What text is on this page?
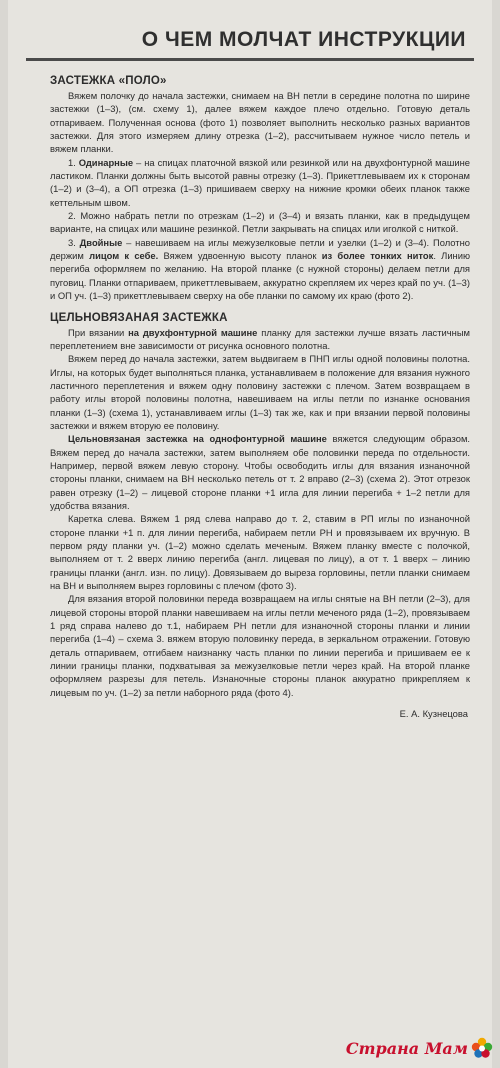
О ЧЕМ МОЛЧАТ ИНСТРУКЦИИ
ЗАСТЕЖКА «ПОЛО»

Вяжем полочку до начала застежки, снимаем на ВН петли в середине полотна по ширине застежки (1–3), (см. схему 1), далее вяжем каждое плечо отдельно. Готовую деталь отпариваем. Полученная основа (фото 1) позволяет выполнить несколько разных вариантов застежки. Для этого измеряем длину отрезка (1–2), рассчитываем нужное число петель и вяжем планки.

1. Одинарные – на спицах платочной вязкой или резинкой или на двухфонтурной машине ластиком. Планки должны быть высотой равны отрезку (1–3). Прикеттлевываем их к сторонам (1–2) и (3–4), а ОП отрезка (1–3) пришиваем сверху на нижние кромки обеих планок также кеттельным швом.

2. Можно набрать петли по отрезкам (1–2) и (3–4) и вязать планки, как в предыдущем варианте, на спицах или машине резинкой. Петли закрывать на спицах или иголкой с ниткой.

3. Двойные – навешиваем на иглы межузелковые петли и узелки (1–2) и (3–4). Полотно держим лицом к себе. Вяжем удвоенную высоту планок из более тонких ниток. Линию перегиба оформляем по желанию. На второй планке (с нужной стороны) делаем петли для пуговиц. Планки отпариваем, прикеттлевываем, аккуратно скрепляем их через край по уч. (1–3) и ОП уч. (1–3) прикеттлевываем сверху на обе планки по самому их краю (фото 2).

ЦЕЛЬНОВЯЗАНАЯ ЗАСТЕЖКА

При вязании на двухфонтурной машине планку для застежки лучше вязать ластичным переплетением вне зависимости от рисунка основного полотна.

Вяжем перед до начала застежки, затем выдвигаем в ПНП иглы одной половины полотна. Иглы, на которых будет выполняться планка, устанавливаем в положение для вязания нужного ластичного переплетения и вяжем одну половину застежки с плечом. Затем возвращаем в работу иглы второй половины полотна, навешиваем на иглы петли по изнанке основания планки (1–3) (схема 1), устанавливаем иглы (1–3) так же, как и при вязании первой половины застежки и вяжем вторую ее половину.

Цельновязаная застежка на однофонтурной машине вяжется следующим образом. Вяжем перед до начала застежки, затем выполняем обе половинки переда по отдельности. Например, первой вяжем левую сторону. Чтобы освободить иглы для вязания изнаночной стороны планки, снимаем на ВН несколько петель от т. 2 вправо (2–3) (схема 2). Этот отрезок равен отрезку (1–2) – лицевой стороне планки +1 игла для линии перегиба + 1–2 петли для удобства вязания.

Каретка слева. Вяжем 1 ряд слева направо до т. 2, ставим в РП иглы по изнаночной стороне планки +1 п. для линии перегиба, набираем петли РН и провязываем их вручную. В первом ряду планки уч. (1–2) можно сделать меченым. Вяжем планку вместе с полочкой, выполняем от т. 2 вверх линию перегиба (англ. лицевая по лицу), а от т. 1 вверх – линию границы планки (англ. изн. по лицу). Довязываем до выреза горловины, петли планки снимаем на ВН и выполняем вырез горловины с плечом (фото 3).

Для вязания второй половинки переда возвращаем на иглы снятые на ВН петли (2–3), для лицевой стороны второй планки навешиваем на иглы петли меченого ряда (1–2), провязываем 1 ряд справа налево до т.1, набираем РН петли для изнаночной стороны планки и линии перегиба (1–4) – схема 3. вяжем вторую половинку переда, в зеркальном отражении. Готовую деталь отпариваем, отгибаем наизнанку часть планки по линии перегиба и пришиваем ее к линии границы планки, подхватывая за межузелковые петли через край. На второй планке оформляем разрезы для петель. Изнаночные стороны планок аккуратно прикрепляем к лицевым по уч. (1–2) за петли наборного ряда (фото 4).

Е. А. Кузнецова

Страна Мам
